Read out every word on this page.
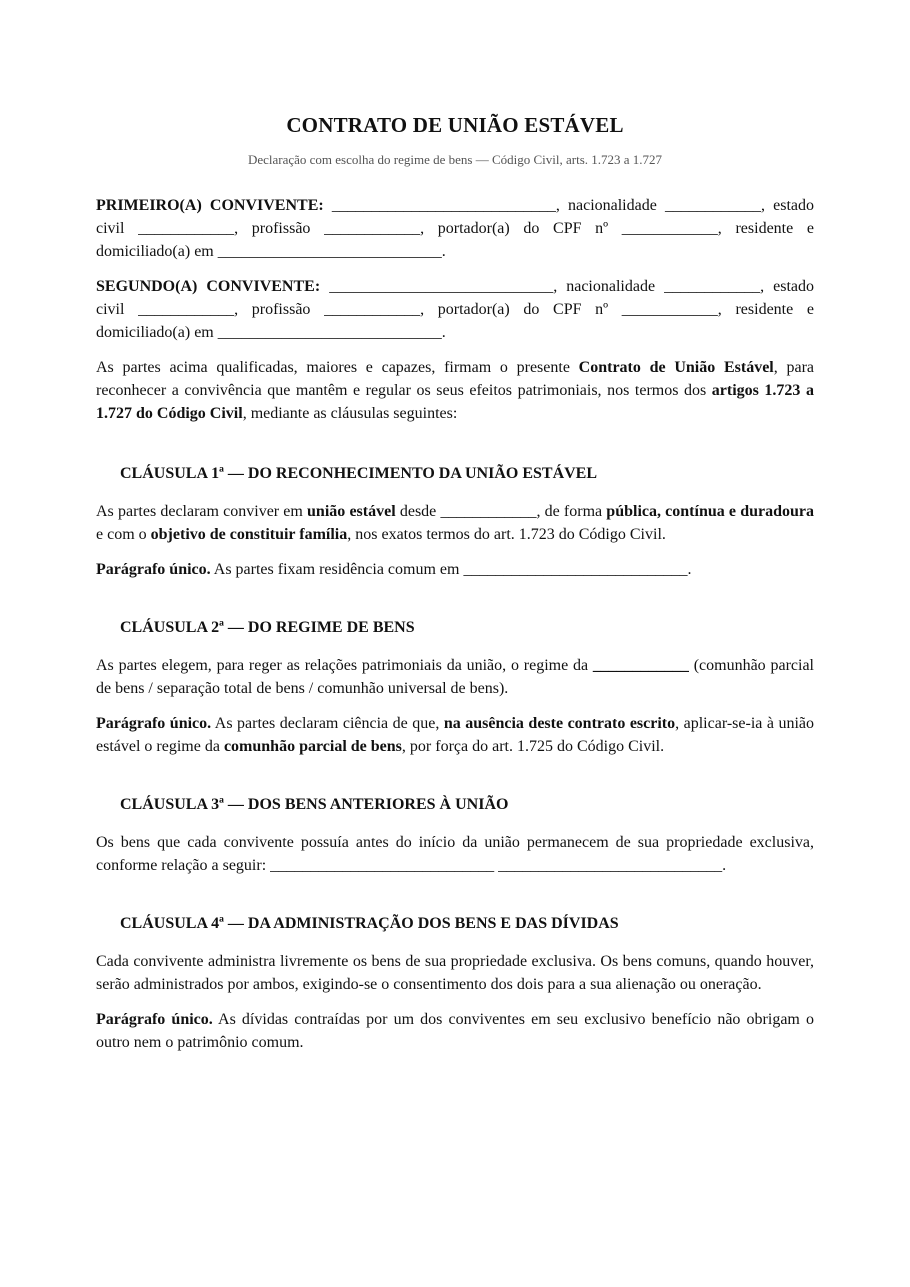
CONTRATO DE UNIÃO ESTÁVEL
Declaração com escolha do regime de bens — Código Civil, arts. 1.723 a 1.727

PRIMEIRO(A) CONVIVENTE: ____________________________, nacionalidade ____________, estado civil ____________, profissão ____________, portador(a) do CPF nº ____________, residente e domiciliado(a) em ____________________________.

SEGUNDO(A) CONVIVENTE: ____________________________, nacionalidade ____________, estado civil ____________, profissão ____________, portador(a) do CPF nº ____________, residente e domiciliado(a) em ____________________________.

As partes acima qualificadas, maiores e capazes, firmam o presente Contrato de União Estável, para reconhecer a convivência que mantêm e regular os seus efeitos patrimoniais, nos termos dos artigos 1.723 a 1.727 do Código Civil, mediante as cláusulas seguintes:

CLÁUSULA 1ª — DO RECONHECIMENTO DA UNIÃO ESTÁVEL

As partes declaram conviver em união estável desde ____________, de forma pública, contínua e duradoura e com o objetivo de constituir família, nos exatos termos do art. 1.723 do Código Civil.

Parágrafo único. As partes fixam residência comum em ____________________________.

CLÁUSULA 2ª — DO REGIME DE BENS

As partes elegem, para reger as relações patrimoniais da união, o regime da ____________ (comunhão parcial de bens / separação total de bens / comunhão universal de bens).

Parágrafo único. As partes declaram ciência de que, na ausência deste contrato escrito, aplicar-se-ia à união estável o regime da comunhão parcial de bens, por força do art. 1.725 do Código Civil.

CLÁUSULA 3ª — DOS BENS ANTERIORES À UNIÃO

Os bens que cada convivente possuía antes do início da união permanecem de sua propriedade exclusiva, conforme relação a seguir: ____________________________ ____________________________.

CLÁUSULA 4ª — DA ADMINISTRAÇÃO DOS BENS E DAS DÍVIDAS

Cada convivente administra livremente os bens de sua propriedade exclusiva. Os bens comuns, quando houver, serão administrados por ambos, exigindo-se o consentimento dos dois para a sua alienação ou oneração.

Parágrafo único. As dívidas contraídas por um dos conviventes em seu exclusivo benefício não obrigam o outro nem o patrimônio comum.
